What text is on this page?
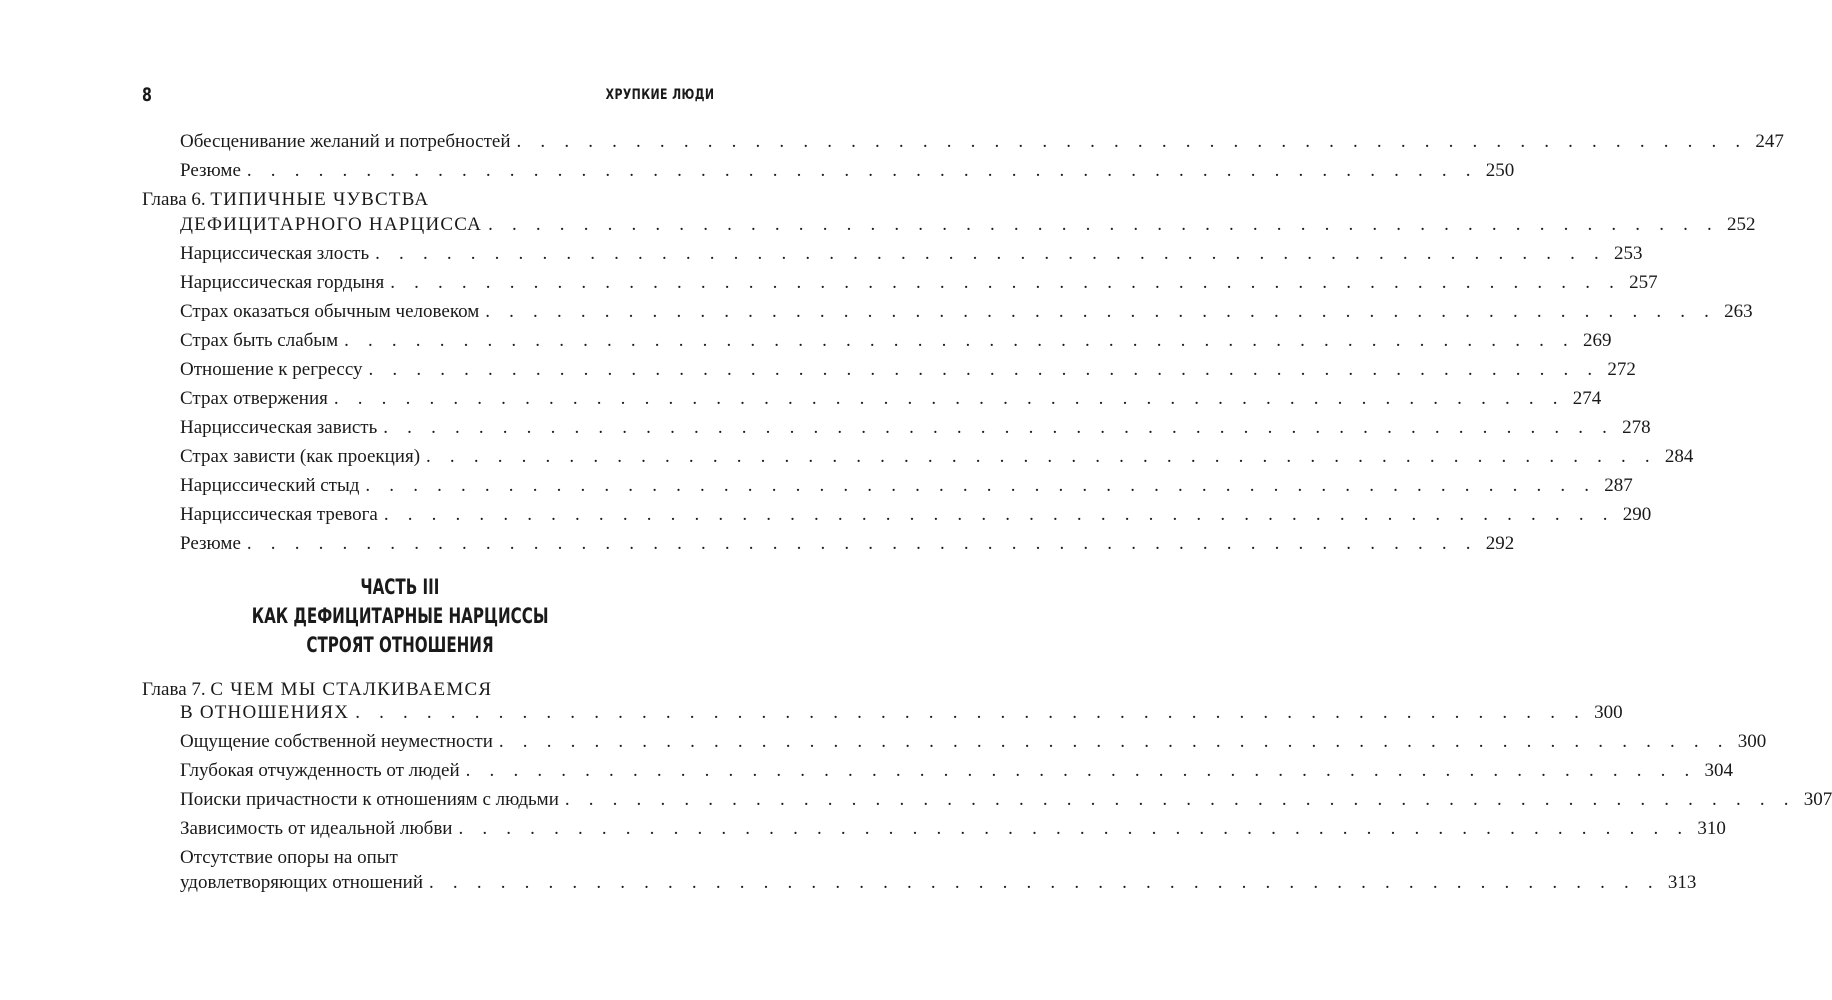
8	ХРУПКИЕ ЛЮДИ
Обесценивание желаний и потребностей . . . . . . . . . . . . . . . . . . . . . . . . . . . . . . . . . . . . . . . . . . . . . . . . . . . . 247
Резюме . . . . . . . . . . . . . . . . . . . . . . . . . . . . . . . . . . . . . . . . . . . . . . . . . . . . 250
Глава 6. ТИПИЧНЫЕ ЧУВСТВА
ДЕФИЦИТАРНОГО НАРЦИССА . . . . . . . . . . . . . . . . . . . . . . . . . . . . . . . . . . . . . . . . . . . . . . . . . . . . 252
Нарциссическая злость . . . . . . . . . . . . . . . . . . . . . . . . . . . . . . . . . . . . . . . . . . . . . . . . . . . . 253
Нарциссическая гордыня . . . . . . . . . . . . . . . . . . . . . . . . . . . . . . . . . . . . . . . . . . . . . . . . . . . . 257
Страх оказаться обычным человеком . . . . . . . . . . . . . . . . . . . . . . . . . . . . . . . . . . . . . . . . . . . . . . . . . . . . 263
Страх быть слабым . . . . . . . . . . . . . . . . . . . . . . . . . . . . . . . . . . . . . . . . . . . . . . . . . . . . 269
Отношение к регрессу . . . . . . . . . . . . . . . . . . . . . . . . . . . . . . . . . . . . . . . . . . . . . . . . . . . . 272
Страх отвержения . . . . . . . . . . . . . . . . . . . . . . . . . . . . . . . . . . . . . . . . . . . . . . . . . . . . 274
Нарциссическая зависть . . . . . . . . . . . . . . . . . . . . . . . . . . . . . . . . . . . . . . . . . . . . . . . . . . . . 278
Страх зависти (как проекция) . . . . . . . . . . . . . . . . . . . . . . . . . . . . . . . . . . . . . . . . . . . . . . . . . . . . 284
Нарциссический стыд . . . . . . . . . . . . . . . . . . . . . . . . . . . . . . . . . . . . . . . . . . . . . . . . . . . . 287
Нарциссическая тревога . . . . . . . . . . . . . . . . . . . . . . . . . . . . . . . . . . . . . . . . . . . . . . . . . . . . 290
Резюме . . . . . . . . . . . . . . . . . . . . . . . . . . . . . . . . . . . . . . . . . . . . . . . . . . . . 292
ЧАСТЬ III
КАК ДЕФИЦИТАРНЫЕ НАРЦИССЫ
СТРОЯТ ОТНОШЕНИЯ
Глава 7. С ЧЕМ МЫ СТАЛКИВАЕМСЯ
В ОТНОШЕНИЯХ . . . . . . . . . . . . . . . . . . . . . . . . . . . . . . . . . . . . . . . . . . . . . . . . . . . . 300
Ощущение собственной неуместности . . . . . . . . . . . . . . . . . . . . . . . . . . . . . . . . . . . . . . . . . . . . . . . . . . . . 300
Глубокая отчужденность от людей . . . . . . . . . . . . . . . . . . . . . . . . . . . . . . . . . . . . . . . . . . . . . . . . . . . . 304
Поиски причастности к отношениям с людьми . . . . . . . . . . . . . . . . . . . . . . . . . . . . . . . . . . . . . . . . . . . . . . . . . . . . 307
Зависимость от идеальной любви . . . . . . . . . . . . . . . . . . . . . . . . . . . . . . . . . . . . . . . . . . . . . . . . . . . . 310
Отсутствие опоры на опыт
удовлетворяющих отношений . . . . . . . . . . . . . . . . . . . . . . . . . . . . . . . . . . . . . . . . . . . . . . . . . . . . 313
